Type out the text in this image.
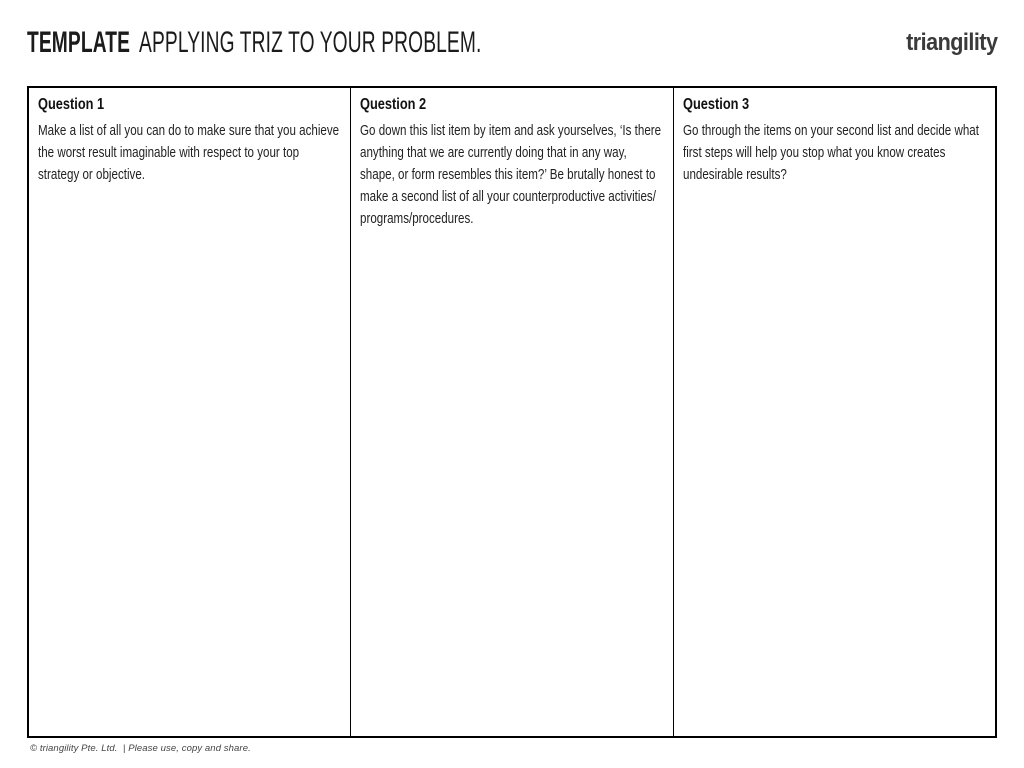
TEMPLATE APPLYING TRIZ TO YOUR PROBLEM.	triangility
Question 1

Make a list of all you can do to make sure that you achieve the worst result imaginable with respect to your top strategy or objective.

Question 2

Go down this list item by item and ask yourselves, ‘Is there anything that we are currently doing that in any way, shape, or form resembles this item?’ Be brutally honest to make a second list of all your counterproductive activities/ programs/procedures.

Question 3

Go through the items on your second list and decide what first steps will help you stop what you know creates undesirable results?

© triangility Pte. Ltd.  | Please use, copy and share.
